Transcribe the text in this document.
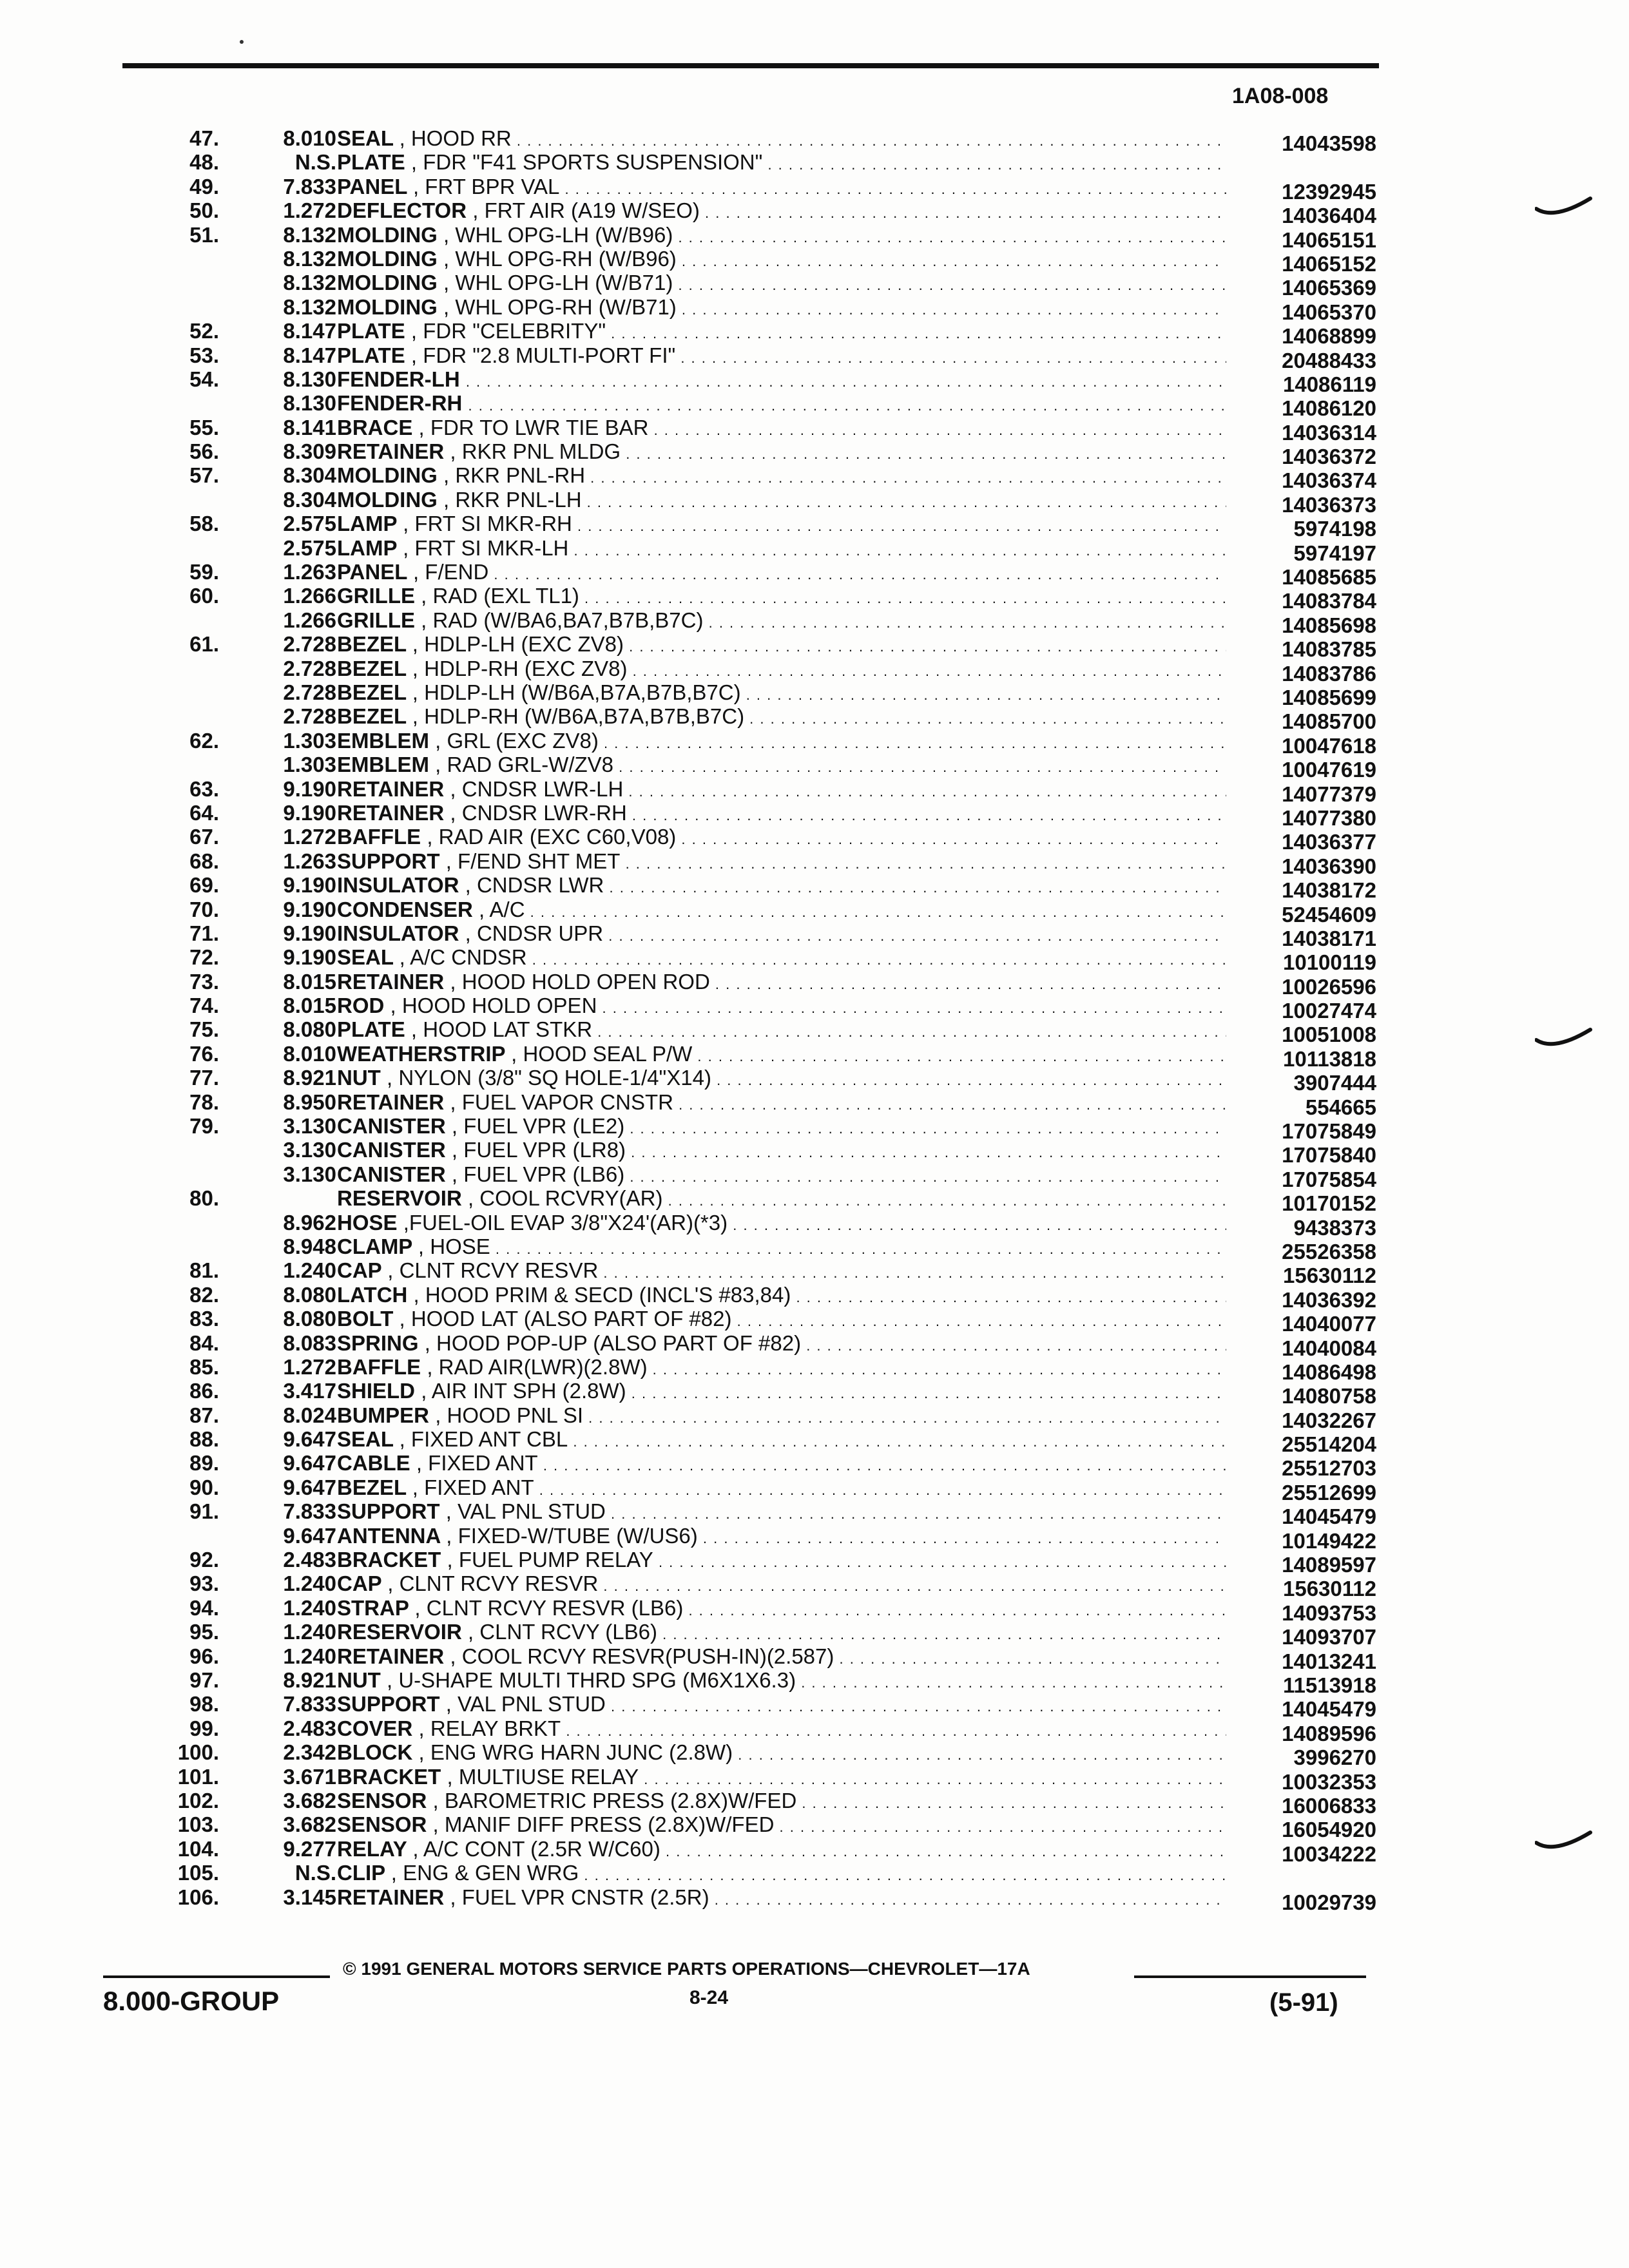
1A08-008
47.	8.010 SEAL , HOOD RR . . .	14043598
48.	N.S. PLATE , FDR "F41 SPORTS SUSPENSION" . . .
49.	7.833 PANEL , FRT BPR VAL . . .	12392945
50.	1.272 DEFLECTOR , FRT AIR (A19 W/SEO) . . .	14036404
51.	8.132 MOLDING , WHL OPG-LH (W/B96) . . .	14065151
8.132 MOLDING , WHL OPG-RH (W/B96) . . .	14065152
8.132 MOLDING , WHL OPG-LH (W/B71) . . .	14065369
8.132 MOLDING , WHL OPG-RH (W/B71) . . .	14065370
52.	8.147 PLATE , FDR "CELEBRITY" . . .	14068899
53.	8.147 PLATE , FDR "2.8 MULTI-PORT FI" . . .	20488433
54.	8.130 FENDER-LH . . .	14086119
8.130 FENDER-RH . . .	14086120
55.	8.141 BRACE , FDR TO LWR TIE BAR . . .	14036314
56.	8.309 RETAINER , RKR PNL MLDG . . .	14036372
57.	8.304 MOLDING , RKR PNL-RH . . .	14036374
8.304 MOLDING , RKR PNL-LH . . .	14036373
58.	2.575 LAMP , FRT SI MKR-RH . . .	5974198
2.575 LAMP , FRT SI MKR-LH . . .	5974197
59.	1.263 PANEL , F/END . . .	14085685
60.	1.266 GRILLE , RAD (EXL TL1) . . .	14083784
1.266 GRILLE , RAD (W/BA6,BA7,B7B,B7C) . . .	14085698
61.	2.728 BEZEL , HDLP-LH (EXC ZV8) . . .	14083785
2.728 BEZEL , HDLP-RH (EXC ZV8) . . .	14083786
2.728 BEZEL , HDLP-LH (W/B6A,B7A,B7B,B7C) . . .	14085699
2.728 BEZEL , HDLP-RH (W/B6A,B7A,B7B,B7C) . . .	14085700
62.	1.303 EMBLEM , GRL (EXC ZV8) . . .	10047618
1.303 EMBLEM , RAD GRL-W/ZV8 . . .	10047619
63.	9.190 RETAINER , CNDSR LWR-LH . . .	14077379
64.	9.190 RETAINER , CNDSR LWR-RH . . .	14077380
67.	1.272 BAFFLE , RAD AIR (EXC C60,V08) . . .	14036377
68.	1.263 SUPPORT , F/END SHT MET . . .	14036390
69.	9.190 INSULATOR , CNDSR LWR . . .	14038172
70.	9.190 CONDENSER , A/C . . .	52454609
71.	9.190 INSULATOR , CNDSR UPR . . .	14038171
72.	9.190 SEAL , A/C CNDSR . . .	10100119
73.	8.015 RETAINER , HOOD HOLD OPEN ROD . . .	10026596
74.	8.015 ROD , HOOD HOLD OPEN . . .	10027474
75.	8.080 PLATE , HOOD LAT STKR . . .	10051008
76.	8.010 WEATHERSTRIP , HOOD SEAL P/W . . .	10113818
77.	8.921 NUT , NYLON (3/8" SQ HOLE-1/4"X14) . . .	3907444
78.	8.950 RETAINER , FUEL VAPOR CNSTR . . .	554665
79.	3.130 CANISTER , FUEL VPR (LE2) . . .	17075849
3.130 CANISTER , FUEL VPR (LR8) . . .	17075840
3.130 CANISTER , FUEL VPR (LB6) . . .	17075854
80.	RESERVOIR , COOL RCVRY(AR) . . .	10170152
8.962 HOSE ,FUEL-OIL EVAP 3/8"X24'(AR)(*3) . . .	9438373
8.948 CLAMP , HOSE . . .	25526358
81.	1.240 CAP , CLNT RCVY RESVR . . .	15630112
82.	8.080 LATCH , HOOD PRIM & SECD (INCL'S #83,84) . . .	14036392
83.	8.080 BOLT , HOOD LAT (ALSO PART OF #82) . . .	14040077
84.	8.083 SPRING , HOOD POP-UP (ALSO PART OF #82) . . .	14040084
85.	1.272 BAFFLE , RAD AIR(LWR)(2.8W) . . .	14086498
86.	3.417 SHIELD , AIR INT SPH (2.8W) . . .	14080758
87.	8.024 BUMPER , HOOD PNL SI . . .	14032267
88.	9.647 SEAL , FIXED ANT CBL . . .	25514204
89.	9.647 CABLE , FIXED ANT . . .	25512703
90.	9.647 BEZEL , FIXED ANT . . .	25512699
91.	7.833 SUPPORT , VAL PNL STUD . . .	14045479
9.647 ANTENNA , FIXED-W/TUBE (W/US6) . . .	10149422
92.	2.483 BRACKET , FUEL PUMP RELAY . . .	14089597
93.	1.240 CAP , CLNT RCVY RESVR . . .	15630112
94.	1.240 STRAP , CLNT RCVY RESVR (LB6) . . .	14093753
95.	1.240 RESERVOIR , CLNT RCVY (LB6) . . .	14093707
96.	1.240 RETAINER , COOL RCVY RESVR(PUSH-IN)(2.587) . . .	14013241
97.	8.921 NUT , U-SHAPE MULTI THRD SPG (M6X1X6.3) . . .	11513918
98.	7.833 SUPPORT , VAL PNL STUD . . .	14045479
99.	2.483 COVER , RELAY BRKT . . .	14089596
100.	2.342 BLOCK , ENG WRG HARN JUNC (2.8W) . . .	3996270
101.	3.671 BRACKET , MULTIUSE RELAY . . .	10032353
102.	3.682 SENSOR , BAROMETRIC PRESS (2.8X)W/FED . . .	16006833
103.	3.682 SENSOR , MANIF DIFF PRESS (2.8X)W/FED . . .	16054920
104.	9.277 RELAY , A/C CONT (2.5R W/C60) . . .	10034222
105.	N.S. CLIP , ENG & GEN WRG . . .
106.	3.145 RETAINER , FUEL VPR CNSTR (2.5R) . . .	10029739
8.000-GROUP
© 1991 GENERAL MOTORS SERVICE PARTS OPERATIONS—CHEVROLET—17A
8-24	(5-91)
